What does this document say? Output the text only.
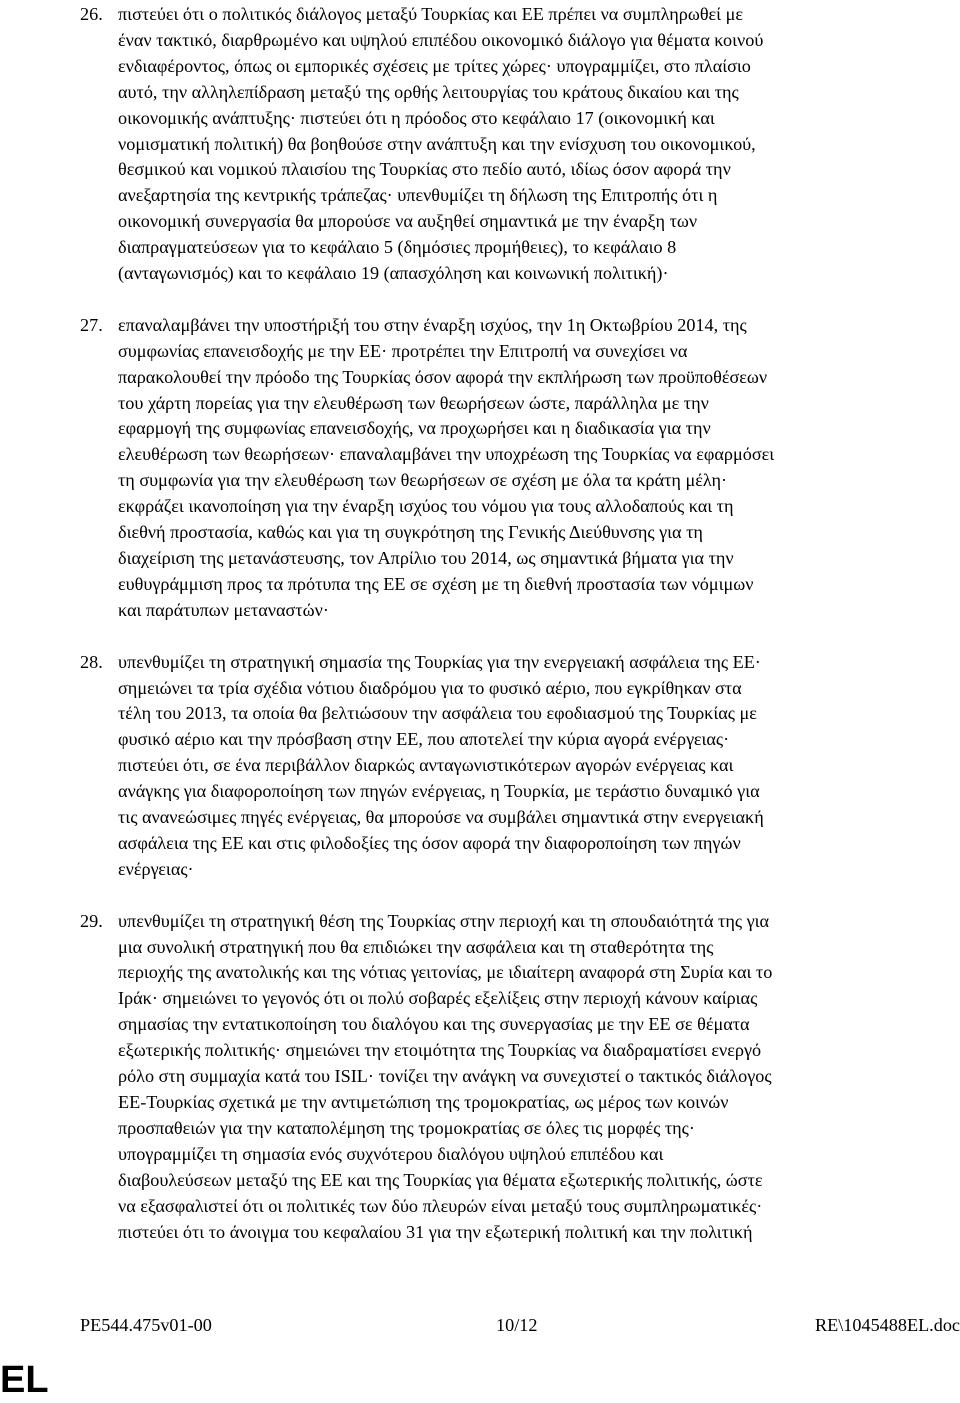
26. πιστεύει ότι ο πολιτικός διάλογος μεταξύ Τουρκίας και ΕΕ πρέπει να συμπληρωθεί με
έναν τακτικό, διαρθρωμένο και υψηλού επιπέδου οικονομικό διάλογο για θέματα κοινού
ενδιαφέροντος, όπως οι εμπορικές σχέσεις με τρίτες χώρες· υπογραμμίζει, στο πλαίσιο
αυτό, την αλληλεπίδραση μεταξύ της ορθής λειτουργίας του κράτους δικαίου και της
οικονομικής ανάπτυξης· πιστεύει ότι η πρόοδος στο κεφάλαιο 17 (οικονομική και
νομισματική πολιτική) θα βοηθούσε στην ανάπτυξη και την ενίσχυση του οικονομικού,
θεσμικού και νομικού πλαισίου της Τουρκίας στο πεδίο αυτό, ιδίως όσον αφορά την
ανεξαρτησία της κεντρικής τράπεζας· υπενθυμίζει τη δήλωση της Επιτροπής ότι η
οικονομική συνεργασία θα μπορούσε να αυξηθεί σημαντικά με την έναρξη των
διαπραγματεύσεων για το κεφάλαιο 5 (δημόσιες προμήθειες), το κεφάλαιο 8
(ανταγωνισμός) και το κεφάλαιο 19 (απασχόληση και κοινωνική πολιτική)·
27. επαναλαμβάνει την υποστήριξή του στην έναρξη ισχύος, την 1η Οκτωβρίου 2014, της
συμφωνίας επανεισδοχής με την ΕΕ· προτρέπει την Επιτροπή να συνεχίσει να
παρακολουθεί την πρόοδο της Τουρκίας όσον αφορά την εκπλήρωση των προϋποθέσεων
του χάρτη πορείας για την ελευθέρωση των θεωρήσεων ώστε, παράλληλα με την
εφαρμογή της συμφωνίας επανεισδοχής, να προχωρήσει και η διαδικασία για την
ελευθέρωση των θεωρήσεων· επαναλαμβάνει την υποχρέωση της Τουρκίας να εφαρμόσει
τη συμφωνία για την ελευθέρωση των θεωρήσεων σε σχέση με όλα τα κράτη μέλη·
εκφράζει ικανοποίηση για την έναρξη ισχύος του νόμου για τους αλλοδαπούς και τη
διεθνή προστασία, καθώς και για τη συγκρότηση της Γενικής Διεύθυνσης για τη
διαχείριση της μετανάστευσης, τον Απρίλιο του 2014, ως σημαντικά βήματα για την
ευθυγράμμιση προς τα πρότυπα της ΕΕ σε σχέση με τη διεθνή προστασία των νόμιμων
και παράτυπων μεταναστών·
28. υπενθυμίζει τη στρατηγική σημασία της Τουρκίας για την ενεργειακή ασφάλεια της ΕΕ·
σημειώνει τα τρία σχέδια νότιου διαδρόμου για το φυσικό αέριο, που εγκρίθηκαν στα
τέλη του 2013, τα οποία θα βελτιώσουν την ασφάλεια του εφοδιασμού της Τουρκίας με
φυσικό αέριο και την πρόσβαση στην ΕΕ, που αποτελεί την κύρια αγορά ενέργειας·
πιστεύει ότι, σε ένα περιβάλλον διαρκώς ανταγωνιστικότερων αγορών ενέργειας και
ανάγκης για διαφοροποίηση των πηγών ενέργειας, η Τουρκία, με τεράστιο δυναμικό για
τις ανανεώσιμες πηγές ενέργειας, θα μπορούσε να συμβάλει σημαντικά στην ενεργειακή
ασφάλεια της ΕΕ και στις φιλοδοξίες της όσον αφορά την διαφοροποίηση των πηγών
ενέργειας·
29. υπενθυμίζει τη στρατηγική θέση της Τουρκίας στην περιοχή και τη σπουδαιότητά της για
μια συνολική στρατηγική που θα επιδιώκει την ασφάλεια και τη σταθερότητα της
περιοχής της ανατολικής και της νότιας γειτονίας, με ιδιαίτερη αναφορά στη Συρία και το
Ιράκ· σημειώνει το γεγονός ότι οι πολύ σοβαρές εξελίξεις στην περιοχή κάνουν καίριας
σημασίας την εντατικοποίηση του διαλόγου και της συνεργασίας με την ΕΕ σε θέματα
εξωτερικής πολιτικής· σημειώνει την ετοιμότητα της Τουρκίας να διαδραματίσει ενεργό
ρόλο στη συμμαχία κατά του ISIL· τονίζει την ανάγκη να συνεχιστεί ο τακτικός διάλογος
ΕΕ-Τουρκίας σχετικά με την αντιμετώπιση της τρομοκρατίας, ως μέρος των κοινών
προσπαθειών για την καταπολέμηση της τρομοκρατίας σε όλες τις μορφές της·
υπογραμμίζει τη σημασία ενός συχνότερου διαλόγου υψηλού επιπέδου και
διαβουλεύσεων μεταξύ της ΕΕ και της Τουρκίας για θέματα εξωτερικής πολιτικής, ώστε
να εξασφαλιστεί ότι οι πολιτικές των δύο πλευρών είναι μεταξύ τους συμπληρωματικές·
πιστεύει ότι το άνοιγμα του κεφαλαίου 31 για την εξωτερική πολιτική και την πολιτική
PE544.475v01-00	10/12	RE\1045488EL.doc
EL
